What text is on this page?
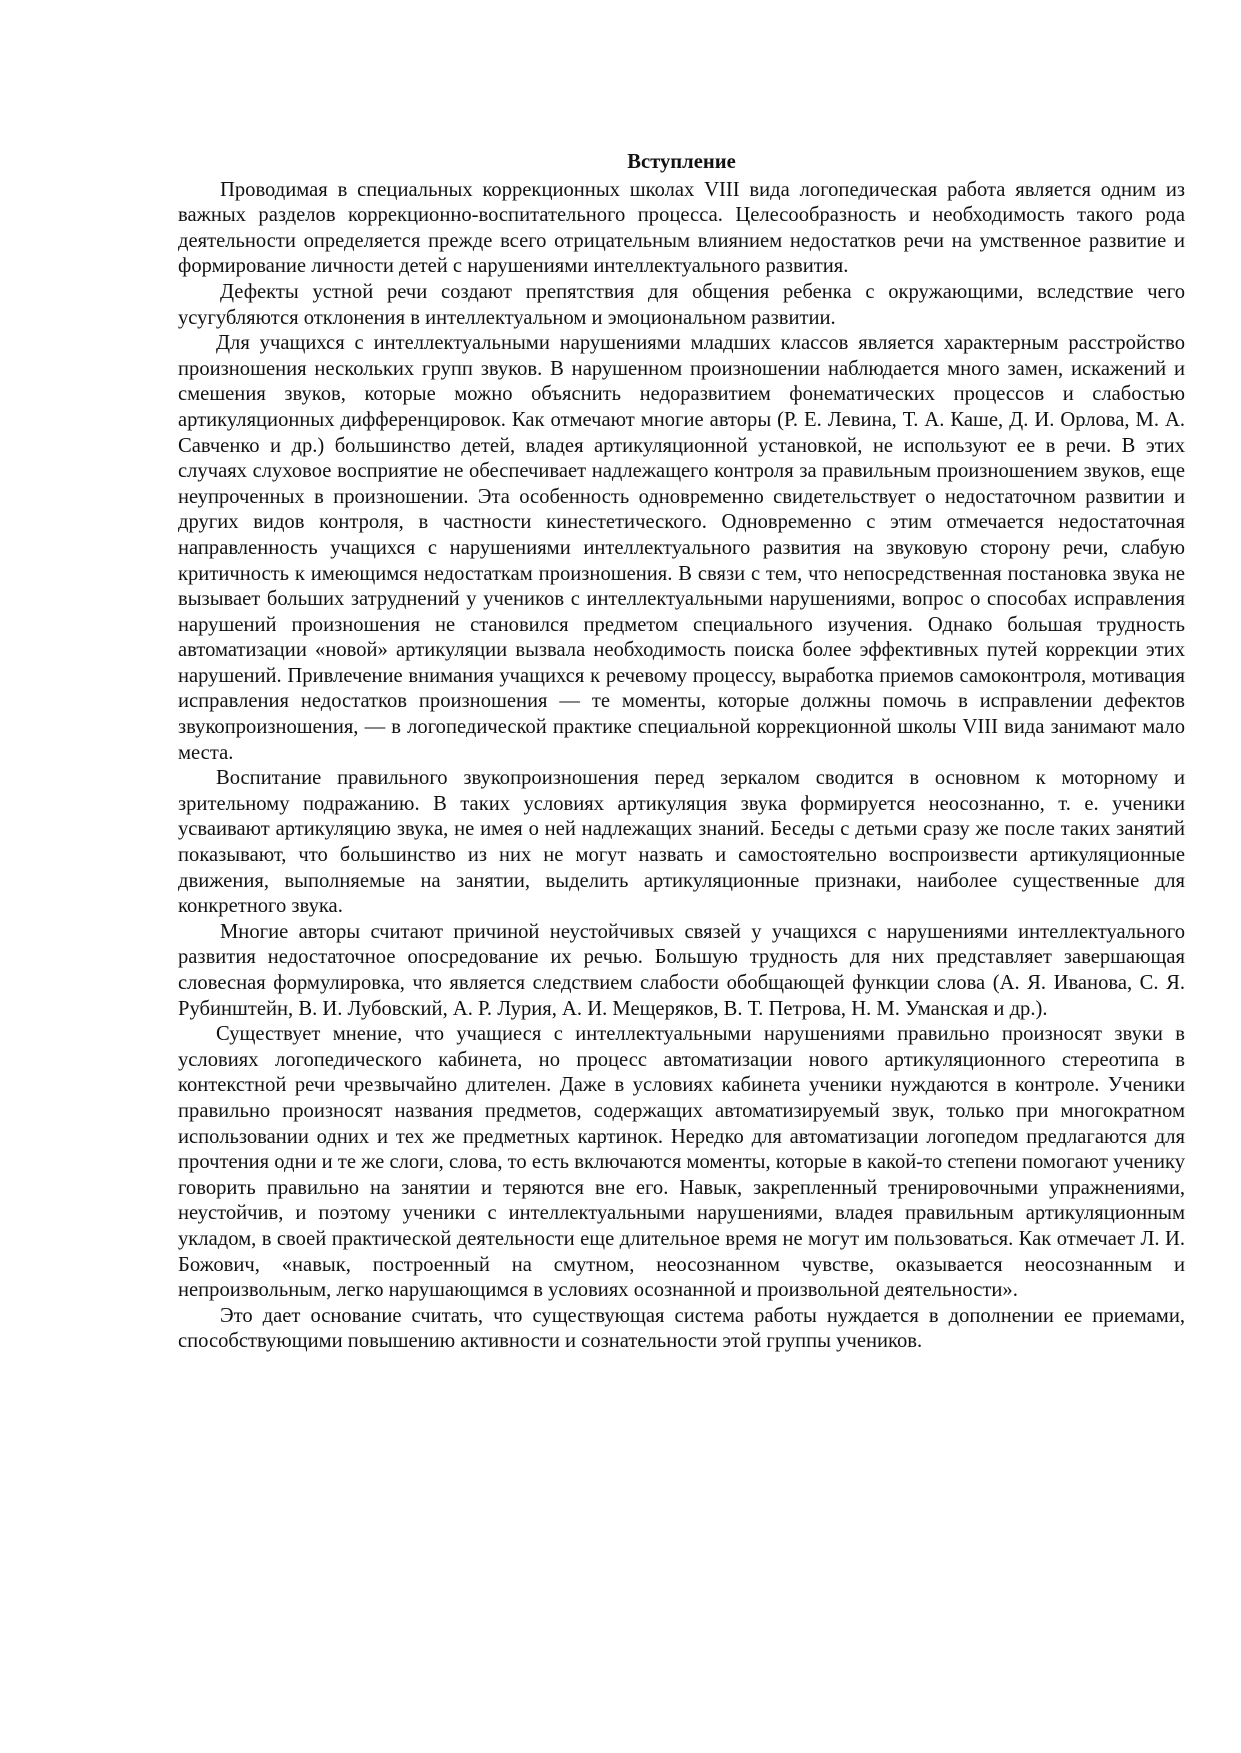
Вступление

Проводимая в специальных коррекционных школах VIII вида логопедическая работа является одним из важных разделов коррекционно-воспитательного процесса. Целесообразность и необходимость такого рода деятельности определяется прежде всего отрицательным влиянием недостатков речи на умственное развитие и формирование личности детей с нарушениями интеллектуального развития.

Дефекты устной речи создают препятствия для общения ребенка с окружающими, вследствие чего усугубляются отклонения в интеллектуальном и эмоциональном развитии.

Для учащихся с интеллектуальными нарушениями младших классов является характерным расстройство произношения нескольких групп звуков. В нарушенном произношении наблюдается много замен, искажений и смешения звуков, которые можно объяснить недоразвитием фонематических процессов и слабостью артикуляционных дифференцировок. Как отмечают многие авторы (Р. Е. Левина, Т. А. Каше, Д. И. Орлова, М. А. Савченко и др.) большинство детей, владея артикуляционной установкой, не используют ее в речи. В этих случаях слуховое восприятие не обеспечивает надлежащего контроля за правильным произношением звуков, еще неупроченных в произношении. Эта особенность одновременно свидетельствует о недостаточном развитии и других видов контроля, в частности кинестетического. Одновременно с этим отмечается недостаточная направленность учащихся с нарушениями интеллектуального развития на звуковую сторону речи, слабую критичность к имеющимся недостаткам произношения. В связи с тем, что непосредственная постановка звука не вызывает больших затруднений у учеников с интеллектуальными нарушениями, вопрос о способах исправления нарушений произношения не становился предметом специального изучения. Однако большая трудность автоматизации «новой» артикуляции вызвала необходимость поиска более эффективных путей коррекции этих нарушений. Привлечение внимания учащихся к речевому процессу, выработка приемов самоконтроля, мотивация исправления недостатков произношения — те моменты, которые должны помочь в исправлении дефектов звукопроизношения, — в логопедической практике специальной коррекционной школы VIII вида занимают мало места.

Воспитание правильного звукопроизношения перед зеркалом сводится в основном к моторному и зрительному подражанию. В таких условиях артикуляция звука формируется неосознанно, т. е. ученики усваивают артикуляцию звука, не имея о ней надлежащих знаний. Беседы с детьми сразу же после таких занятий показывают, что большинство из них не могут назвать и самостоятельно воспроизвести артикуляционные движения, выполняемые на занятии, выделить артикуляционные признаки, наиболее существенные для конкретного звука.

Многие авторы считают причиной неустойчивых связей у учащихся с нарушениями интеллектуального развития недостаточное опосредование их речью. Большую трудность для них представляет завершающая словесная формулировка, что является следствием слабости обобщающей функции слова (А. Я. Иванова, С. Я. Рубинштейн, В. И. Лубовский, А. Р. Лурия, А. И. Мещеряков, В. Т. Петрова, Н. М. Уманская и др.).

Существует мнение, что учащиеся с интеллектуальными нарушениями правильно произносят звуки в условиях логопедического кабинета, но процесс автоматизации нового артикуляционного стереотипа в контекстной речи чрезвычайно длителен. Даже в условиях кабинета ученики нуждаются в контроле. Ученики правильно произносят названия предметов, содержащих автоматизируемый звук, только при многократном использовании одних и тех же предметных картинок. Нередко для автоматизации логопедом предлагаются для прочтения одни и те же слоги, слова, то есть включаются моменты, которые в какой-то степени помогают ученику говорить правильно на занятии и теряются вне его. Навык, закрепленный тренировочными упражнениями, неустойчив, и поэтому ученики с интеллектуальными нарушениями, владея правильным артикуляционным укладом, в своей практической деятельности еще длительное время не могут им пользоваться. Как отмечает Л. И. Божович, «навык, построенный на смутном, неосознанном чувстве, оказывается неосознанным и непроизвольным, легко нарушающимся в условиях осознанной и произвольной деятельности».

Это дает основание считать, что существующая система работы нуждается в дополнении ее приемами, способствующими повышению активности и сознательности этой группы учеников.
